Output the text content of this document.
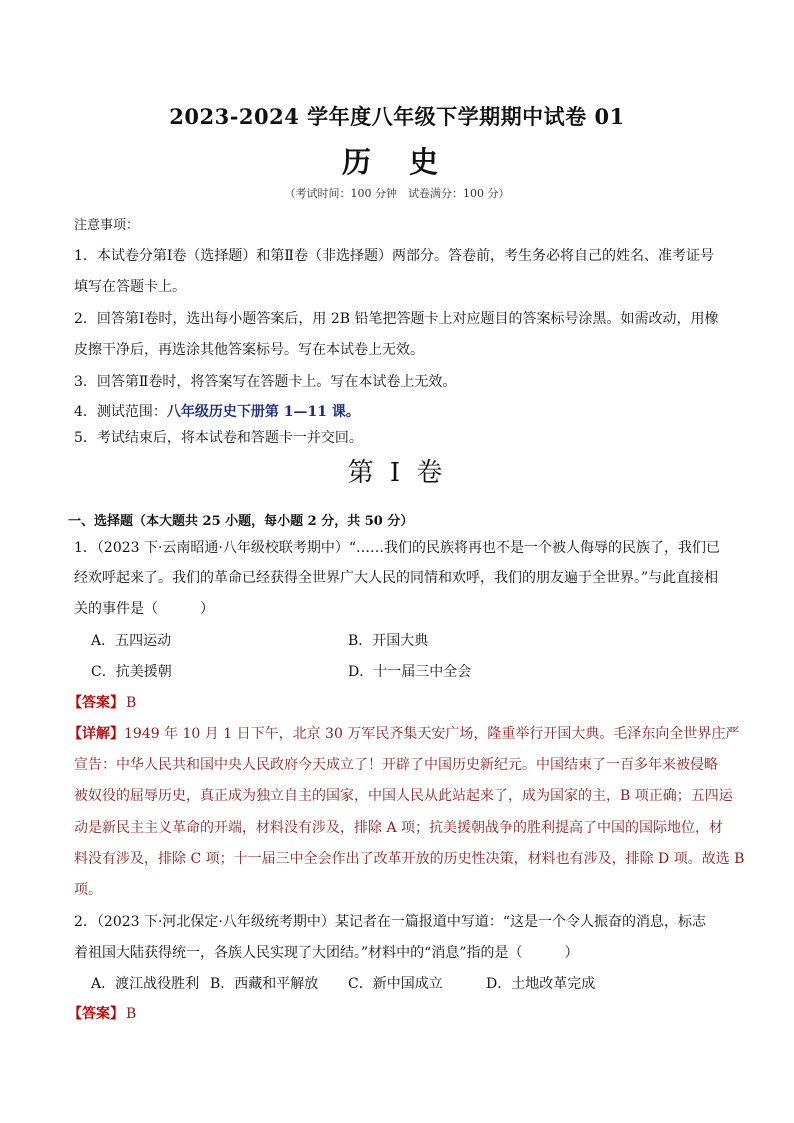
2023-2024 学年度八年级下学期期中试卷 01
历 史
（考试时间：100 分钟　试卷满分：100 分）
注意事项：
1．本试卷分第Ⅰ卷（选择题）和第Ⅱ卷（非选择题）两部分。答卷前，考生务必将自己的姓名、准考证号
填写在答题卡上。
2．回答第Ⅰ卷时，选出每小题答案后，用 2B 铅笔把答题卡上对应题目的答案标号涂黑。如需改动，用橡
皮擦干净后，再选涂其他答案标号。写在本试卷上无效。
3．回答第Ⅱ卷时，将答案写在答题卡上。写在本试卷上无效。
4．测试范围：八年级历史下册第 1—11 课。
5．考试结束后，将本试卷和答题卡一并交回。
第 I 卷
一、选择题（本大题共 25 小题，每小题 2 分，共 50 分）
1．（2023 下·云南昭通·八年级校联考期中）“……我们的民族将再也不是一个被人侮辱的民族了，我们已
经欢呼起来了。我们的革命已经获得全世界广大人民的同情和欢呼，我们的朋友遍于全世界。”与此直接相
关的事件是（　　　）
A．五四运动	B．开国大典
C．抗美援朝	D．十一届三中全会
【答案】 B
【详解】1949 年 10 月 1 日下午，北京 30 万军民齐集天安广场，隆重举行开国大典。毛泽东向全世界庄严
宣告：中华人民共和国中央人民政府今天成立了！开辟了中国历史新纪元。中国结束了一百多年来被侵略
被奴役的屈辱历史，真正成为独立自主的国家，中国人民从此站起来了，成为国家的主，B 项正确；五四运
动是新民主主义革命的开端，材料没有涉及，排除 A 项；抗美援朝战争的胜利提高了中国的国际地位，材
料没有涉及，排除 C 项；十一届三中全会作出了改革开放的历史性决策，材料也有涉及，排除 D 项。故选 B
项。
2．（2023 下·河北保定·八年级统考期中）某记者在一篇报道中写道：“这是一个令人振奋的消息，标志
着祖国大陆获得统一，各族人民实现了大团结。”材料中的“消息”指的是（　　　）
A．渡江战役胜利 B．西藏和平解放 C．新中国成立	D．土地改革完成
【答案】 B
